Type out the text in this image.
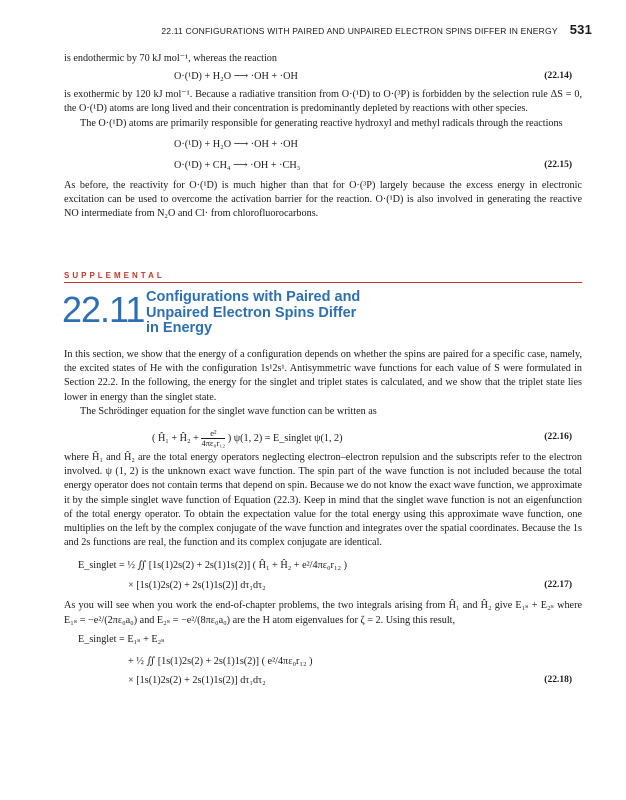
22.11 CONFIGURATIONS WITH PAIRED AND UNPAIRED ELECTRON SPINS DIFFER IN ENERGY 531

is endothermic by 70 kJ mol⁻¹, whereas the reaction

O·(¹D) + H₂O ⟶ ·OH + ·OH	(22.14)

is exothermic by 120 kJ mol⁻¹. Because a radiative transition from O·(¹D) to O·(³P) is forbidden by the selection rule ΔS = 0, the O·(¹D) atoms are long lived and their concentration is predominantly depleted by reactions with other species.

The O·(¹D) atoms are primarily responsible for generating reactive hydroxyl and methyl radicals through the reactions

O·(¹D) + H₂O ⟶ ·OH + ·OH
O·(¹D) + CH₄ ⟶ ·OH + ·CH₃	(22.15)

As before, the reactivity for O·(¹D) is much higher than that for O·(³P) largely because the excess energy in electronic excitation can be used to overcome the activation barrier for the reaction. O·(¹D) is also involved in generating the reactive NO intermediate from N₂O and Cl· from chlorofluorocarbons.

SUPPLEMENTAL
22.11 Configurations with Paired and
Unpaired Electron Spins Differ
in Energy

In this section, we show that the energy of a configuration depends on whether the spins are paired for a specific case, namely, the excited states of He with the configuration 1s¹2s¹. Antisymmetric wave functions for each value of S were formulated in Section 22.2. In the following, the energy for the singlet and triplet states is calculated, and we show that the triplet state lies lower in energy than the singlet state.

The Schrödinger equation for the singlet wave function can be written as

( Ĥ₁ + Ĥ₂ + $\frac{\text{e²}}{\text{4πε₀r₁₂}}$ ) ψ(1, 2) = E_singlet ψ(1, 2)	(22.16)

where Ĥ₁ and Ĥ₂ are the total energy operators neglecting electron–electron repulsion and the subscripts refer to the electron involved. ψ (1, 2) is the unknown exact wave function. The spin part of the wave function is not included because the total energy operator does not contain terms that depend on spin. Because we do not know the exact wave function, we approximate it by the simple singlet wave function of Equation (22.3). Keep in mind that the singlet wave function is not an eigenfunction of the total energy operator. To obtain the expectation value for the total energy using this approximate wave function, one multiplies on the left by the complex conjugate of the wave function and integrates over the spatial coordinates. Because the 1s and 2s functions are real, the function and its complex conjugate are identical.

E_singlet = ½ ∬ [1s(1)2s(2) + 2s(1)1s(2)] ( Ĥ₁ + Ĥ₂ + e²/4πε₀r₁₂ )
× [1s(1)2s(2) + 2s(1)1s(2)] dτ₁dτ₂	(22.17)

As you will see when you work the end-of-chapter problems, the two integrals arising from Ĥ₁ and Ĥ₂ give E₁ₛ + E₂ₛ where E₁ₛ = −e²/(2πε₀a₀) and E₂ₛ = −e²/(8πε₀a₀) are the H atom eigenvalues for ζ = 2. Using this result,

E_singlet = E₁ₛ + E₂ₛ
+ ½ ∬ [1s(1)2s(2) + 2s(1)1s(2)] ( e²/4πε₀r₁₂ )
× [1s(1)2s(2) + 2s(1)1s(2)] dτ₁dτ₂	(22.18)
